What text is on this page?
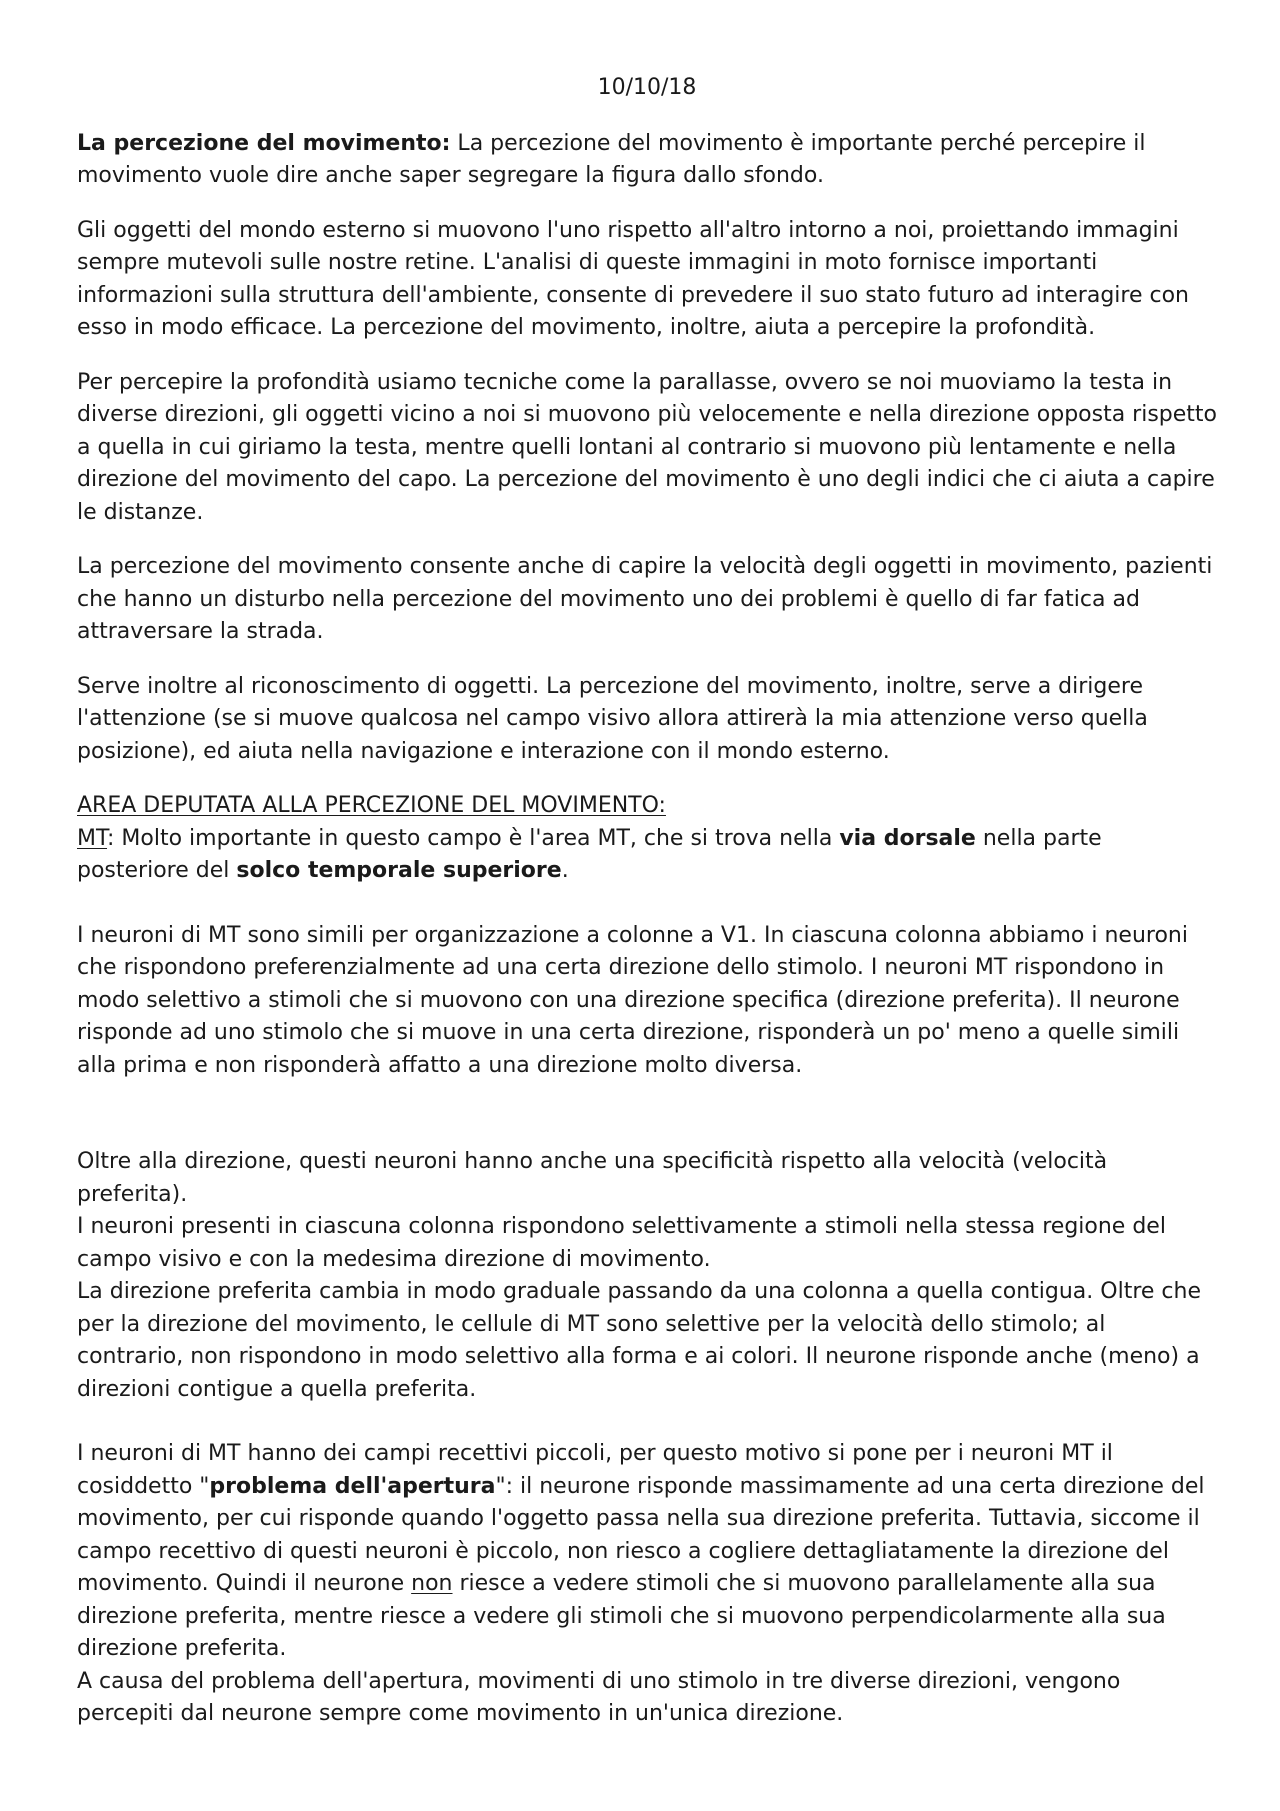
10/10/18

La percezione del movimento: La percezione del movimento è importante perché percepire il movimento vuole dire anche saper segregare la figura dallo sfondo.

Gli oggetti del mondo esterno si muovono l'uno rispetto all'altro intorno a noi, proiettando immagini sempre mutevoli sulle nostre retine. L'analisi di queste immagini in moto fornisce importanti informazioni sulla struttura dell'ambiente, consente di prevedere il suo stato futuro ad interagire con esso in modo efficace. La percezione del movimento, inoltre, aiuta a percepire la profondità.

Per percepire la profondità usiamo tecniche come la parallasse, ovvero se noi muoviamo la testa in diverse direzioni, gli oggetti vicino a noi si muovono più velocemente e nella direzione opposta rispetto a quella in cui giriamo la testa, mentre quelli lontani al contrario si muovono più lentamente e nella direzione del movimento del capo. La percezione del movimento è uno degli indici che ci aiuta a capire le distanze.

La percezione del movimento consente anche di capire la velocità degli oggetti in movimento, pazienti che hanno un disturbo nella percezione del movimento uno dei problemi è quello di far fatica ad attraversare la strada.

Serve inoltre al riconoscimento di oggetti. La percezione del movimento, inoltre, serve a dirigere l'attenzione (se si muove qualcosa nel campo visivo allora attirerà la mia attenzione verso quella posizione), ed aiuta nella navigazione e interazione con il mondo esterno.

AREA DEPUTATA ALLA PERCEZIONE DEL MOVIMENTO:
MT: Molto importante in questo campo è l'area MT, che si trova nella via dorsale nella parte posteriore del solco temporale superiore.
I neuroni di MT sono simili per organizzazione a colonne a V1. In ciascuna colonna abbiamo i neuroni che rispondono preferenzialmente ad una certa direzione dello stimolo. I neuroni MT rispondono in modo selettivo a stimoli che si muovono con una direzione specifica (direzione preferita). Il neurone risponde ad uno stimolo che si muove in una certa direzione, risponderà un po' meno a quelle simili alla prima e non risponderà affatto a una direzione molto diversa.
Oltre alla direzione, questi neuroni hanno anche una specificità rispetto alla velocità (velocità preferita).
I neuroni presenti in ciascuna colonna rispondono selettivamente a stimoli nella stessa regione del campo visivo e con la medesima direzione di movimento.
La direzione preferita cambia in modo graduale passando da una colonna a quella contigua. Oltre che per la direzione del movimento, le cellule di MT sono selettive per la velocità dello stimolo; al contrario, non rispondono in modo selettivo alla forma e ai colori. Il neurone risponde anche (meno) a direzioni contigue a quella preferita.
I neuroni di MT hanno dei campi recettivi piccoli, per questo motivo si pone per i neuroni MT il cosiddetto "problema dell'apertura": il neurone risponde massimamente ad una certa direzione del movimento, per cui risponde quando l'oggetto passa nella sua direzione preferita. Tuttavia, siccome il campo recettivo di questi neuroni è piccolo, non riesco a cogliere dettagliatamente la direzione del movimento. Quindi il neurone non riesce a vedere stimoli che si muovono parallelamente alla sua direzione preferita, mentre riesce a vedere gli stimoli che si muovono perpendicolarmente alla sua direzione preferita.
A causa del problema dell'apertura, movimenti di uno stimolo in tre diverse direzioni, vengono percepiti dal neurone sempre come movimento in un'unica direzione.
